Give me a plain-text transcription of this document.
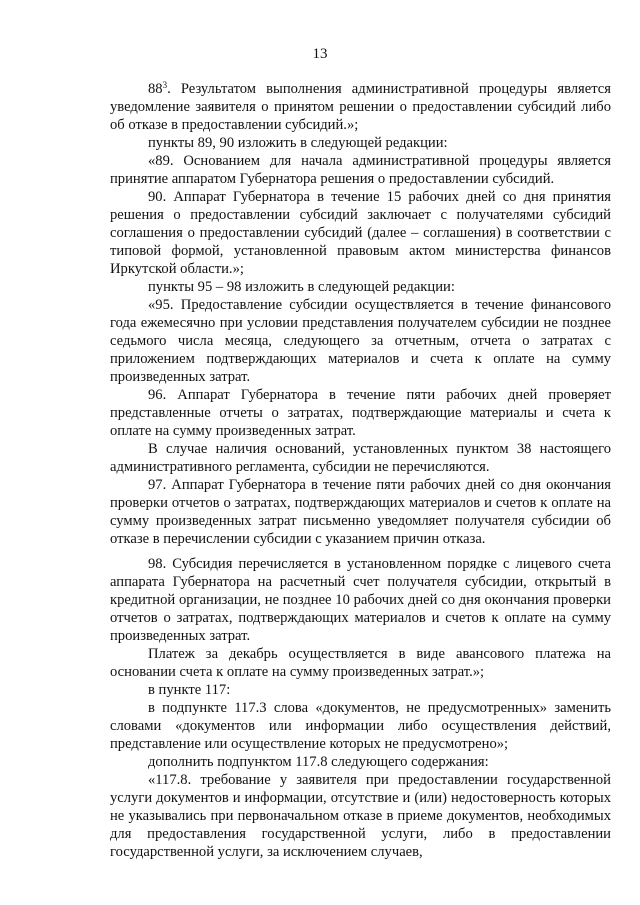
13

$88^3$. Результатом выполнения административной процедуры является уведомление заявителя о принятом решении о предоставлении субсидий либо об отказе в предоставлении субсидий.»;

пункты 89, 90 изложить в следующей редакции:

«89. Основанием для начала административной процедуры является принятие аппаратом Губернатора решения о предоставлении субсидий.

90. Аппарат Губернатора в течение 15 рабочих дней со дня принятия решения о предоставлении субсидий заключает с получателями субсидий соглашения о предоставлении субсидий (далее – соглашения) в соответствии с типовой формой, установленной правовым актом министерства финансов Иркутской области.»;

пункты 95 – 98 изложить в следующей редакции:

«95. Предоставление субсидии осуществляется в течение финансового года ежемесячно при условии представления получателем субсидии не позднее седьмого числа месяца, следующего за отчетным, отчета о затратах с приложением подтверждающих материалов и счета к оплате на сумму произведенных затрат.

96. Аппарат Губернатора в течение пяти рабочих дней проверяет представленные отчеты о затратах, подтверждающие материалы и счета к оплате на сумму произведенных затрат.

В случае наличия оснований, установленных пунктом 38 настоящего административного регламента, субсидии не перечисляются.

97. Аппарат Губернатора в течение пяти рабочих дней со дня окончания проверки отчетов о затратах, подтверждающих материалов и счетов к оплате на сумму произведенных затрат письменно уведомляет получателя субсидии об отказе в перечислении субсидии с указанием причин отказа.

98. Субсидия перечисляется в установленном порядке с лицевого счета аппарата Губернатора на расчетный счет получателя субсидии, открытый в кредитной организации, не позднее 10 рабочих дней со дня окончания проверки отчетов о затратах, подтверждающих материалов и счетов к оплате на сумму произведенных затрат.

Платеж за декабрь осуществляется в виде авансового платежа на основании счета к оплате на сумму произведенных затрат.»;

в пункте 117:

в подпункте 117.3 слова «документов, не предусмотренных» заменить словами «документов или информации либо осуществления действий, представление или осуществление которых не предусмотрено»;

дополнить подпунктом 117.8 следующего содержания:

«117.8. требование у заявителя при предоставлении государственной услуги документов и информации, отсутствие и (или) недостоверность которых не указывались при первоначальном отказе в приеме документов, необходимых для предоставления государственной услуги, либо в предоставлении государственной услуги, за исключением случаев,
